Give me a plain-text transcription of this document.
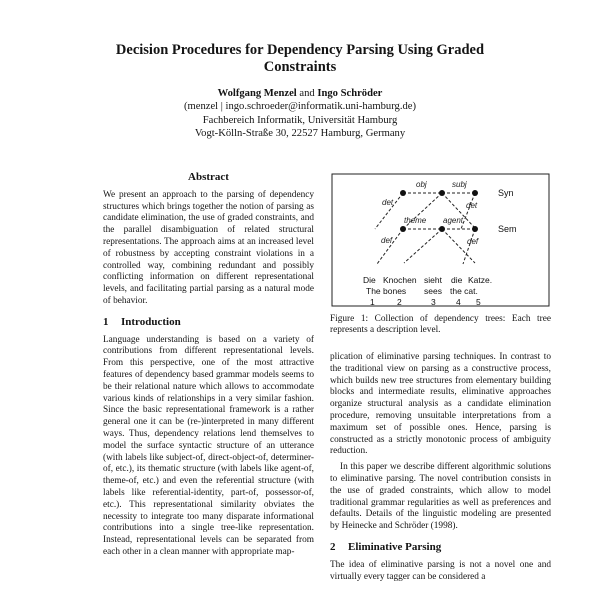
Decision Procedures for Dependency Parsing Using Graded
Constraints
Wolfgang Menzel and Ingo Schröder
(menzel | ingo.schroeder@informatik.uni-hamburg.de)
Fachbereich Informatik, Universität Hamburg
Vogt-Kölln-Straße 30, 22527 Hamburg, Germany
Abstract

We present an approach to the parsing of dependency structures which brings together the notion of parsing as candidate elimination, the use of graded constraints, and the parallel disambiguation of related structural representations. The approach aims at an increased level of robustness by accepting constraint violations in a controlled way, combining redundant and possibly conflicting information on different representational levels, and facilitating partial parsing as a natural mode of behavior.

1 Introduction

Language understanding is based on a variety of contributions from different representational levels. From this perspective, one of the most attractive features of dependency based grammar models seems to be their relational nature which allows to accommodate various kinds of relationships in a very similar fashion. Since the basic representational framework is a rather general one it can be (re-)interpreted in many different ways. Thus, dependency relations lend themselves to model the surface syntactic structure of an utterance (with labels like subject-of, direct-object-of, determiner-of, etc.), its thematic structure (with labels like agent-of, theme-of, etc.) and even the referential structure (with labels like referential-identity, part-of, possessor-of, etc.). This representational similarity obviates the necessity to integrate too many disparate informational contributions into a single tree-like representation. Instead, representational levels can be separated from each other in a clean manner with appropriate map-

det
obj	subj
det
def
theme agent
def
Syn
Sem
Die Knochen sieht die Katze.
The bones sees the cat.
1	2	3 4 5
Figure 1: Collection of dependency trees: Each tree represents a description level.

plication of eliminative parsing techniques. In contrast to the traditional view on parsing as a constructive process, which builds new tree structures from elementary building blocks and intermediate results, eliminative approaches organize structural analysis as a candidate elimination procedure, removing unsuitable interpretations from a maximum set of possible ones. Hence, parsing is constructed as a strictly monotonic process of ambiguity reduction.

In this paper we describe different algorithmic solutions to eliminative parsing. The novel contribution consists in the use of graded constraints, which allow to model traditional grammar regularities as well as preferences and defaults. Details of the linguistic modeling are presented by Heinecke and Schröder (1998).

2 Eliminative Parsing

The idea of eliminative parsing is not a novel one and virtually every tagger can be considered a
